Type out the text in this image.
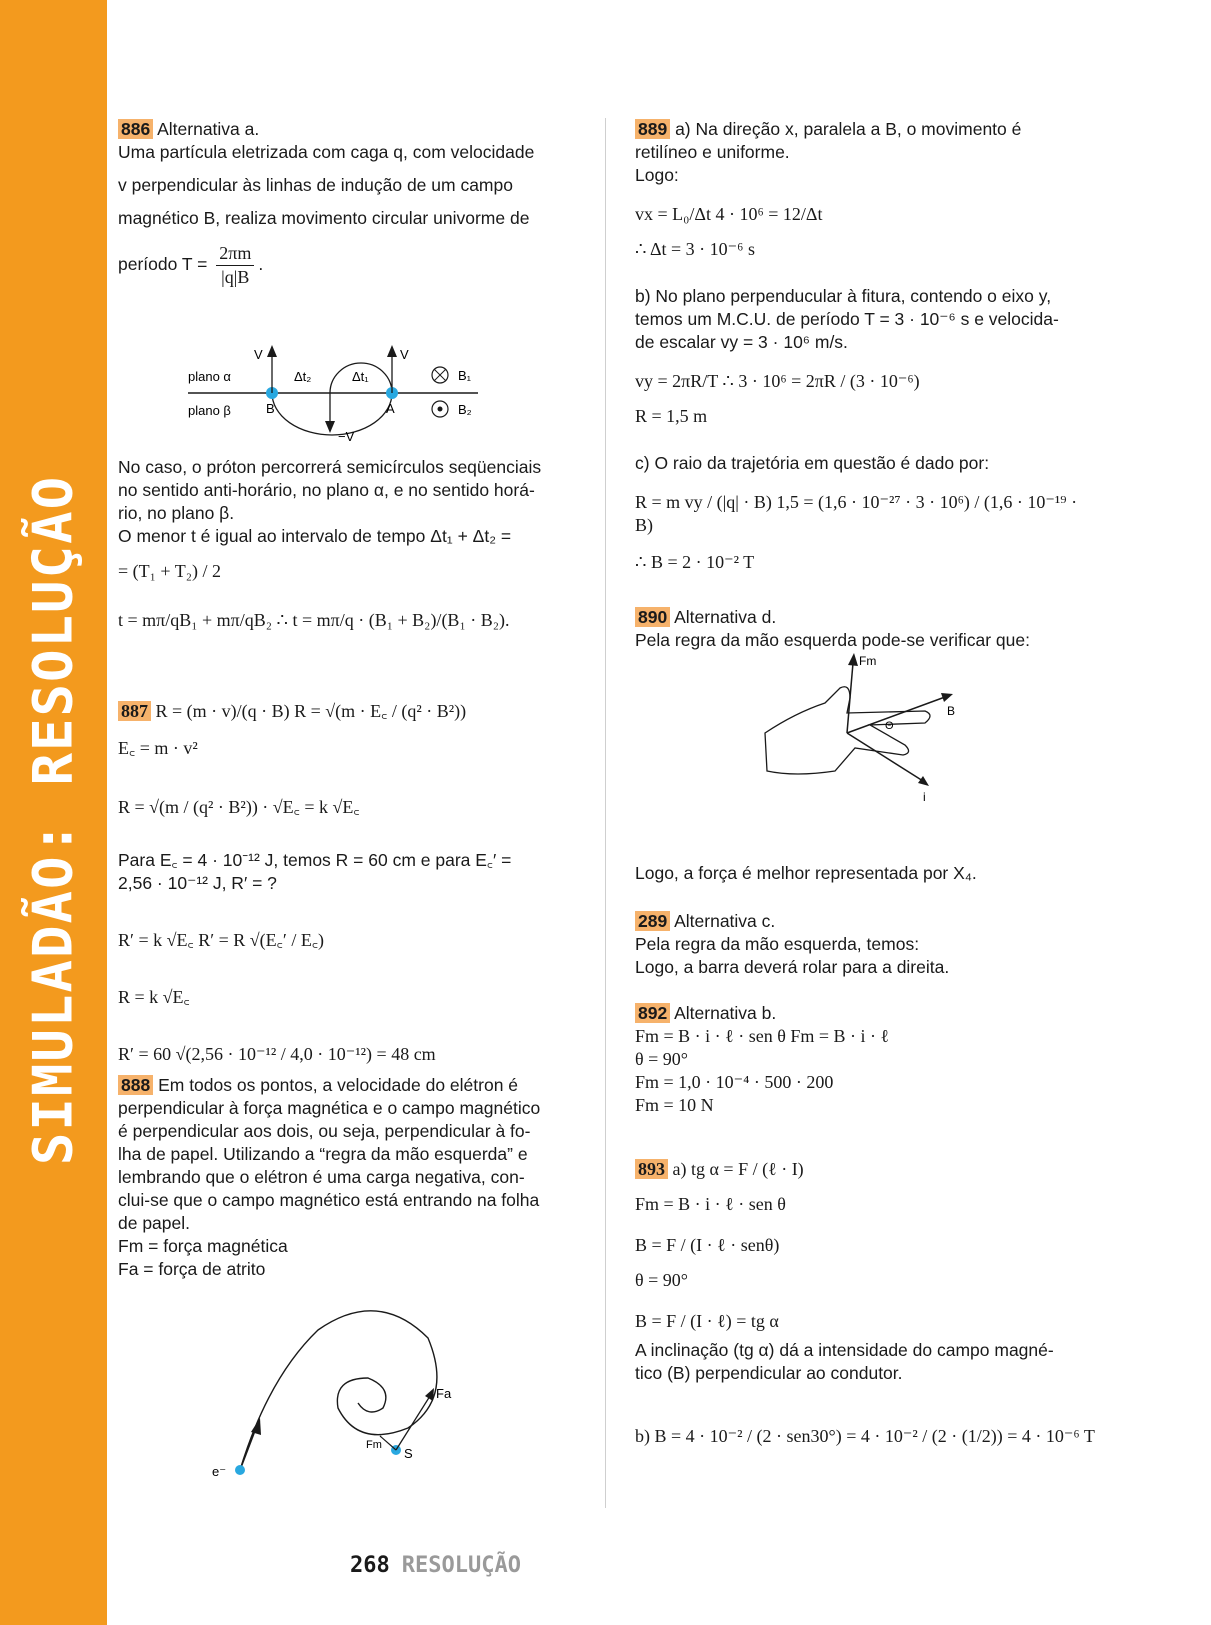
SIMULADÃO: RESOLUÇÃO
886 Alternativa a.
Uma partícula eletrizada com caga q, com velocidade
v perpendicular às linhas de indução de um campo
magnético B, realiza movimento circular univorme de
período $T = \frac{2\pi m}{|q|B}$ .
plano α
plano β
V	V
−V
Δt₂	Δt₁
B	A
B₁
B₂
No caso, o próton percorrerá semicírculos seqüenciais
no sentido anti-horário, no plano α, e no sentido horá-
rio, no plano β.
O menor t é igual ao intervalo de tempo Δt₁ + Δt₂ =
= (T₁ + T₂) / 2
t = mπ/qB₁ + mπ/qB₂ ∴ t = mπ/q · (B₁ + B₂)/(B₁ · B₂).
887 R = (m · v)/(q · B) R = √(m · E꜀ / (q² · B²))
E꜀ = m · v²
R = √(m / (q² · B²)) · √E꜀ = k √E꜀
Para E꜀ = 4 · 10⁻¹² J, temos R = 60 cm e para E꜀′ =
2,56 · 10⁻¹² J, R′ = ?
R′ = k √E꜀ R′ = R √(E꜀′ / E꜀)
R = k √E꜀
R′ = 60 √(2,56 · 10⁻¹² / 4,0 · 10⁻¹²) = 48 cm
888 Em todos os pontos, a velocidade do elétron é
perpendicular à força magnética e o campo magnético
é perpendicular aos dois, ou seja, perpendicular à fo-
lha de papel. Utilizando a “regra da mão esquerda” e
lembrando que o elétron é uma carga negativa, con-
clui-se que o campo magnético está entrando na folha
de papel.
Fm = força magnética
Fa = força de atrito
e⁻
S
Fa
Fm
889 a) Na direção x, paralela a B, o movimento é
retilíneo e uniforme.
Logo:
vx = L₀/Δt 4 · 10⁶ = 12/Δt
∴ Δt = 3 · 10⁻⁶ s
b) No plano perpenducular à fitura, contendo o eixo y,
temos um M.C.U. de período T = 3 · 10⁻⁶ s e velocida-
de escalar vy = 3 · 10⁶ m/s.
vy = 2πR/T ∴ 3 · 10⁶ = 2πR / (3 · 10⁻⁶)
R = 1,5 m
c) O raio da trajetória em questão é dado por:
R = m vy / (|q| · B) 1,5 = (1,6 · 10⁻²⁷ · 3 · 10⁶) / (1,6 · 10⁻¹⁹ · B)
∴ B = 2 · 10⁻² T
890 Alternativa d.
Pela regra da mão esquerda pode-se verificar que:
Fm
B
i
Θ
Logo, a força é melhor representada por X₄.
289 Alternativa c.
Pela regra da mão esquerda, temos:
Logo, a barra deverá rolar para a direita.
892 Alternativa b.
Fm = B · i · ℓ · sen θ Fm = B · i · ℓ
θ = 90°
Fm = 1,0 · 10⁻⁴ · 500 · 200
Fm = 10 N
893 a) tg α = F / (ℓ · I)
Fm = B · i · ℓ · sen θ
B = F / (I · ℓ · senθ)
θ = 90°
B = F / (I · ℓ) = tg α
A inclinação (tg α) dá a intensidade do campo magné-
tico (B) perpendicular ao condutor.
b) B = 4 · 10⁻² / (2 · sen30°) = 4 · 10⁻² / (2 · (1/2)) = 4 · 10⁻⁶ T
268 RESOLUÇÃO
